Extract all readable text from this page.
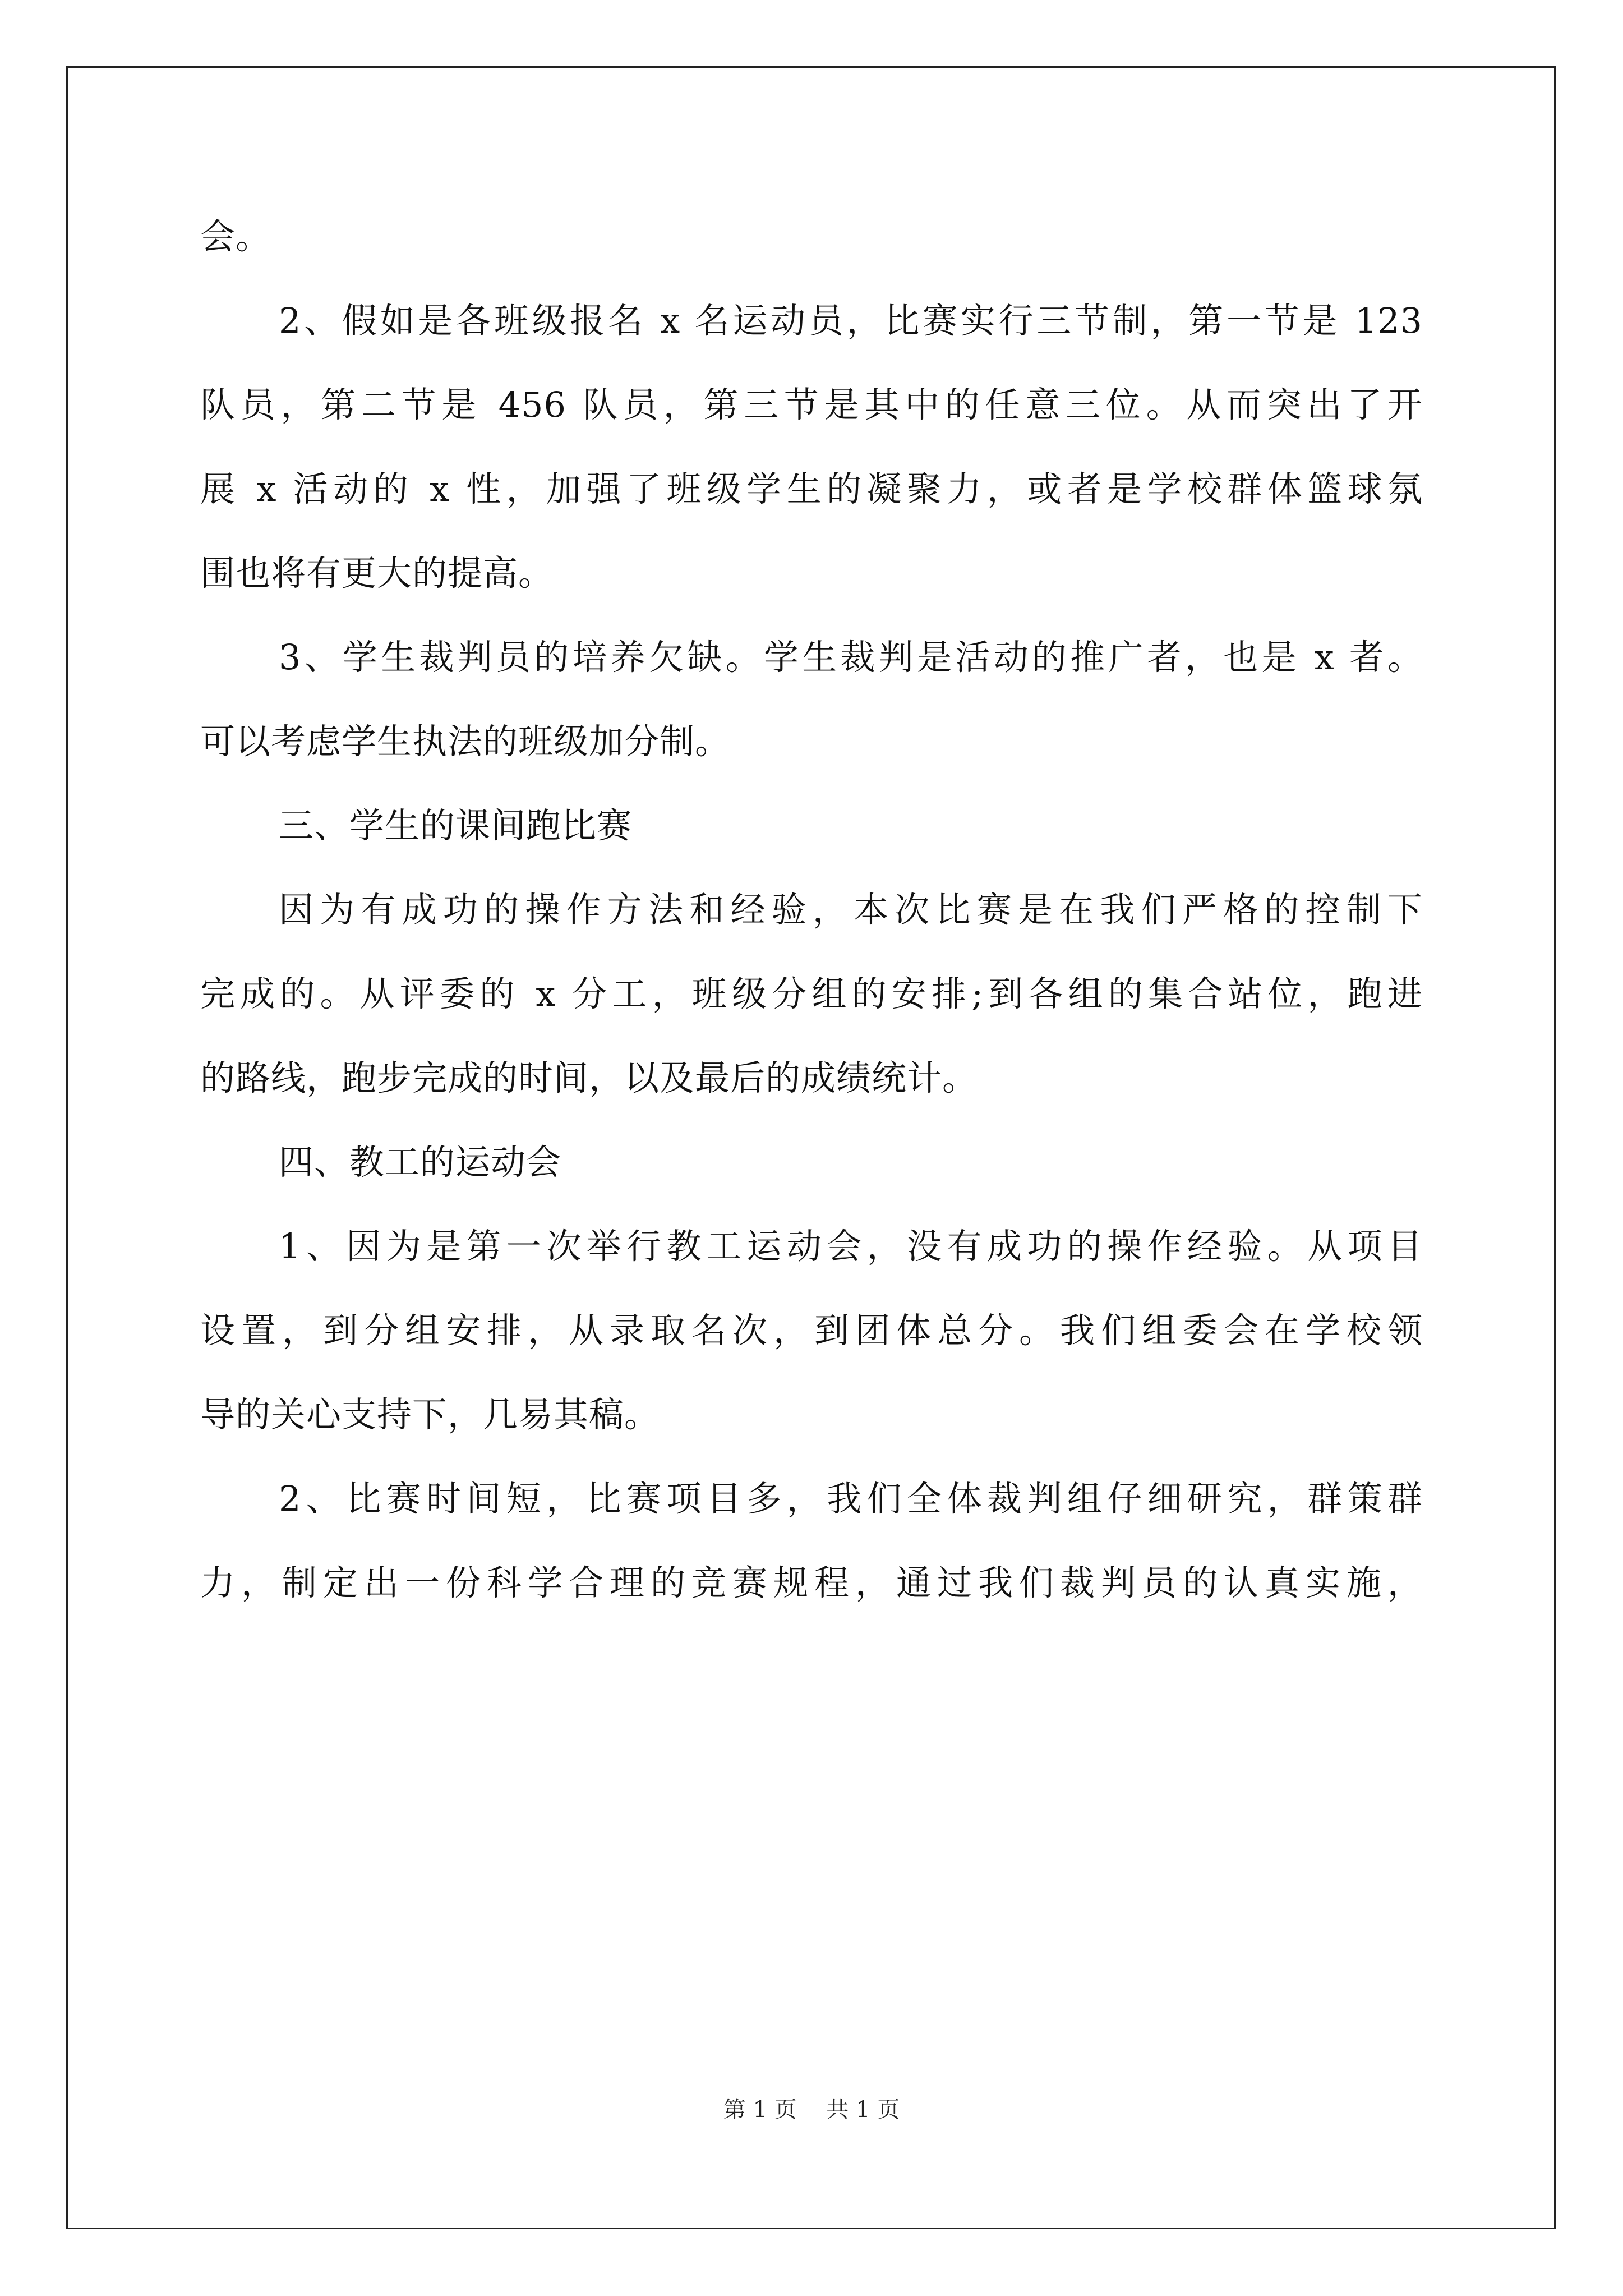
会。
2、假如是各班级报名 x 名运动员，比赛实行三节制，第一节是 123
队员，第二节是 456 队员，第三节是其中的任意三位。从而突出了开
展 x 活动的 x 性，加强了班级学生的凝聚力，或者是学校群体篮球氛
围也将有更大的提高。
3、学生裁判员的培养欠缺。学生裁判是活动的推广者，也是 x 者。
可以考虑学生执法的班级加分制。
三、学生的课间跑比赛
因为有成功的操作方法和经验，本次比赛是在我们严格的控制下
完成的。从评委的 x 分工，班级分组的安排;到各组的集合站位，跑进
的路线，跑步完成的时间，以及最后的成绩统计。
四、教工的运动会
1、因为是第一次举行教工运动会，没有成功的操作经验。从项目
设置，到分组安排，从录取名次，到团体总分。我们组委会在学校领
导的关心支持下，几易其稿。
2、比赛时间短，比赛项目多，我们全体裁判组仔细研究，群策群
力，制定出一份科学合理的竞赛规程，通过我们裁判员的认真实施，
第 1 页 共 1 页
